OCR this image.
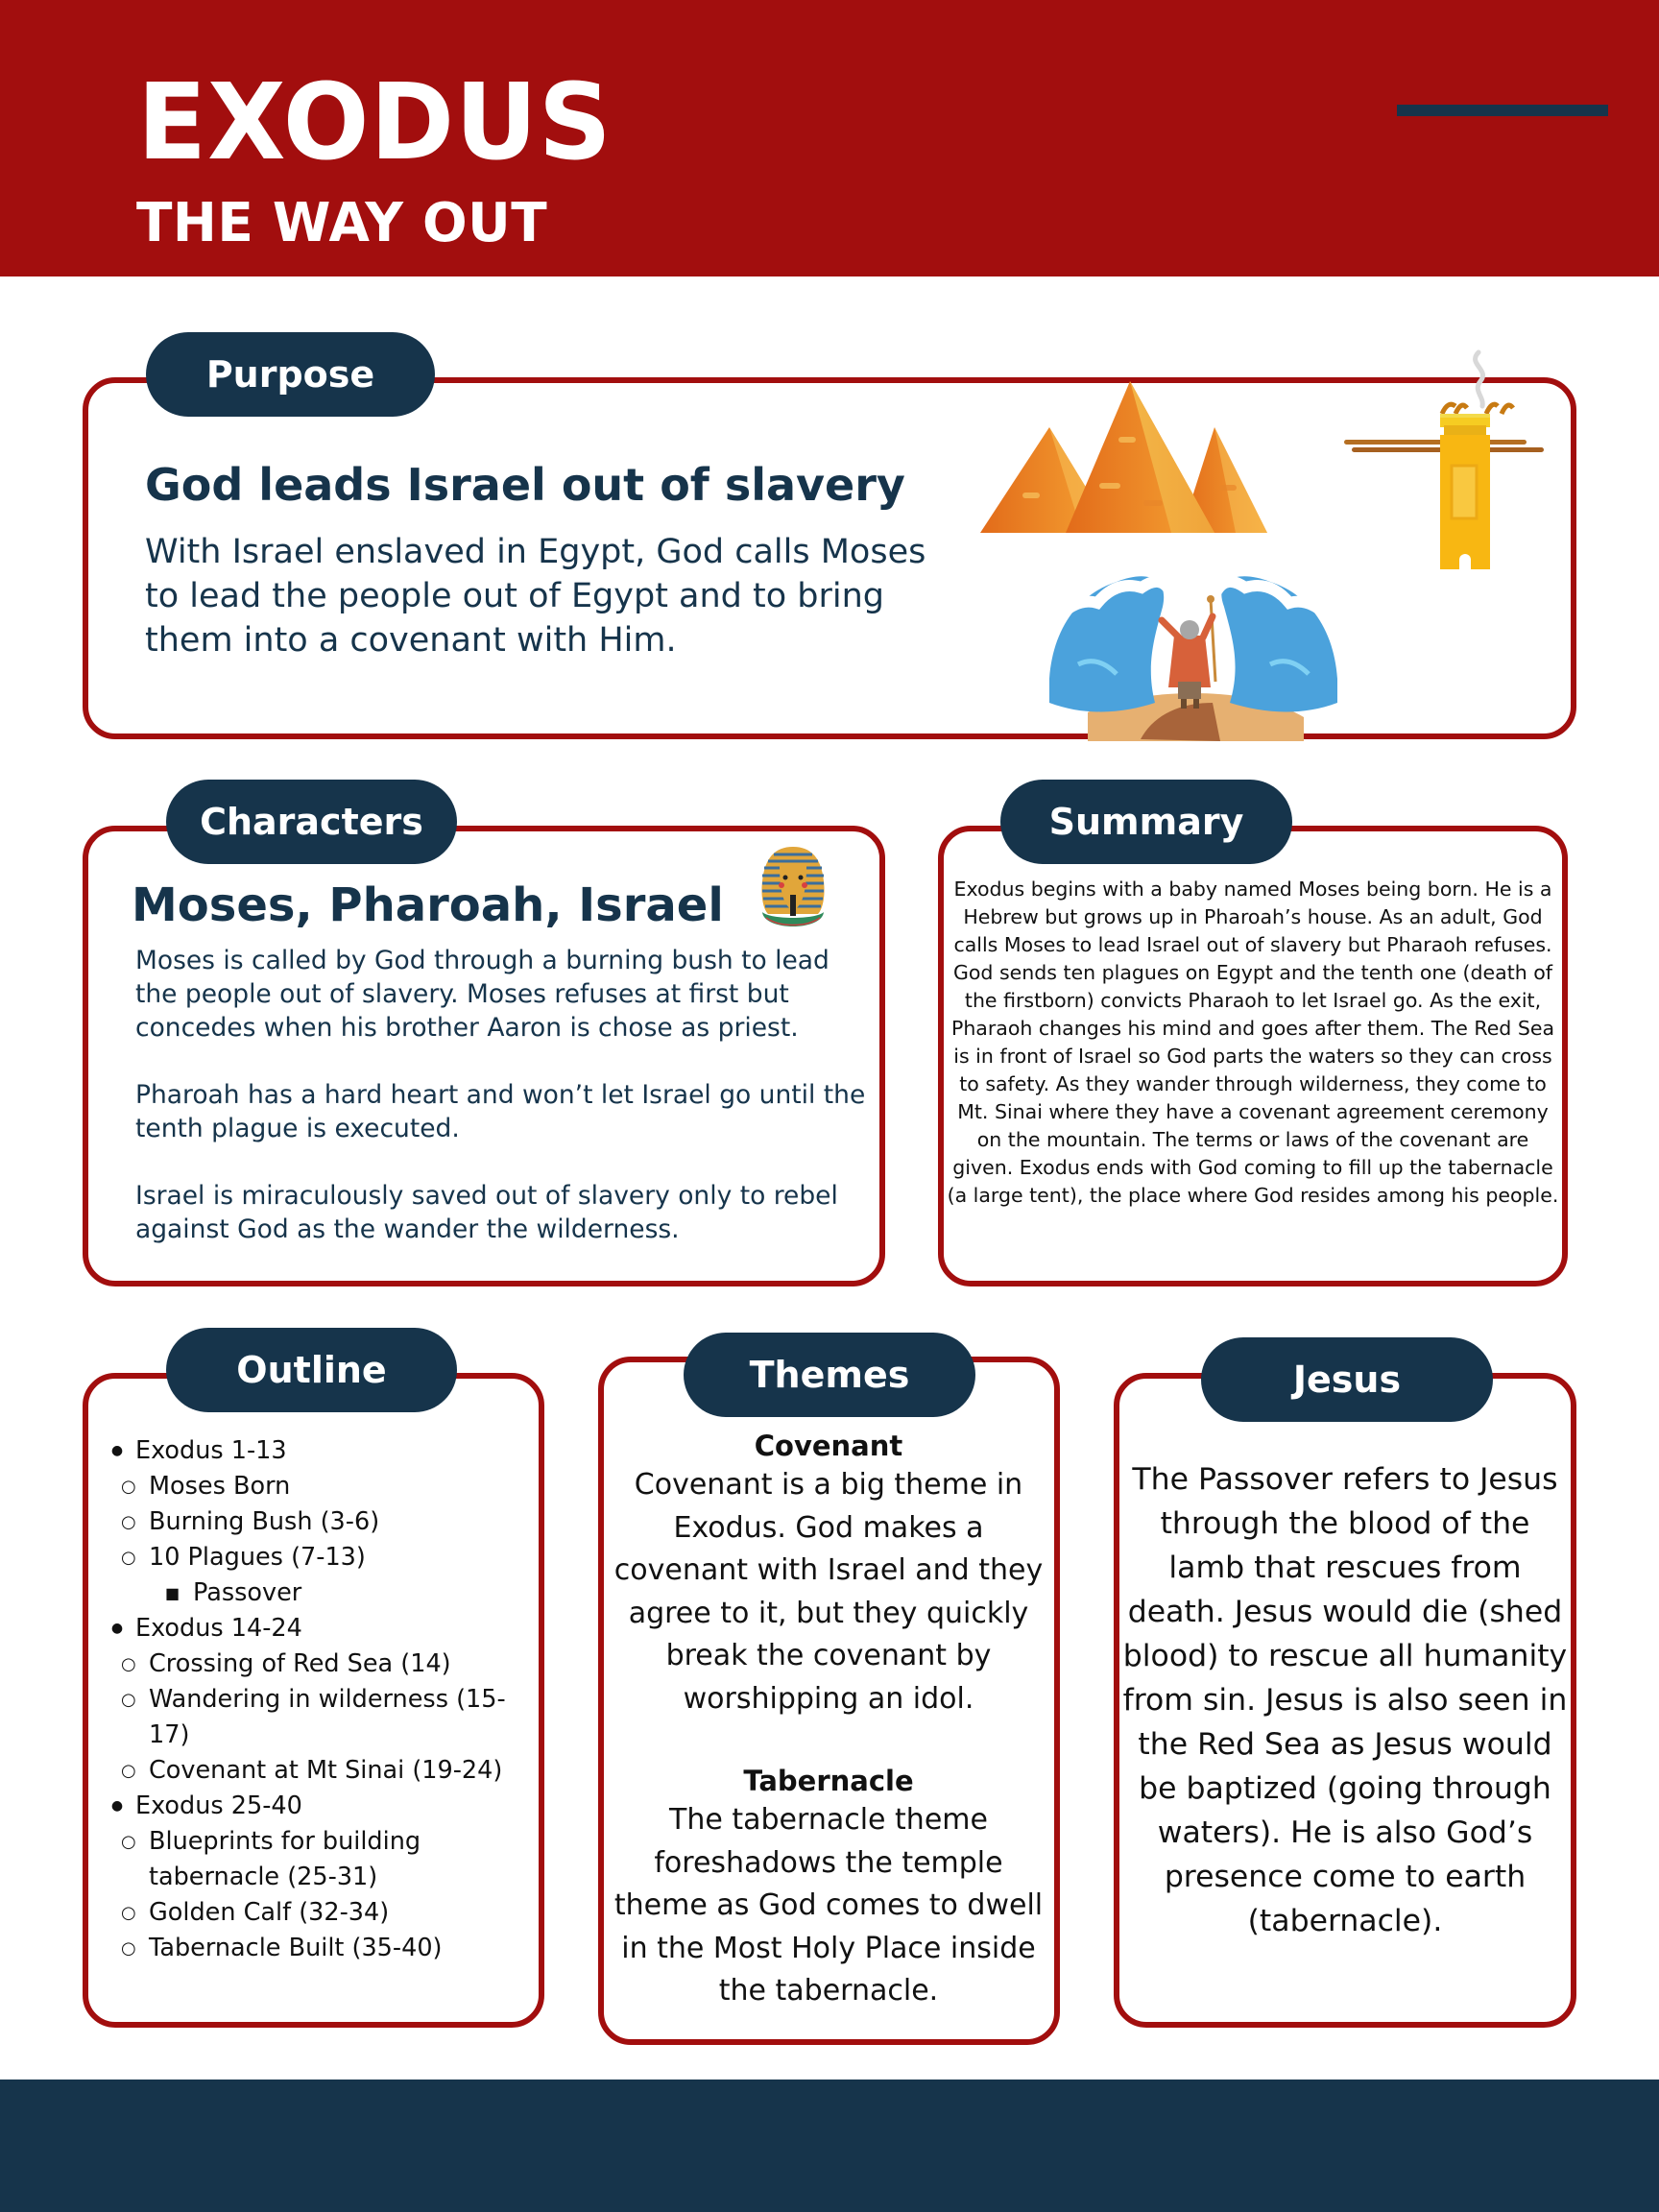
EXODUS
THE WAY OUT
Purpose
God leads Israel out of slavery
With Israel enslaved in Egypt, God calls Moses to lead the people out of Egypt and to bring them into a covenant with Him.
Characters
Moses, Pharoah, Israel

Moses is called by God through a burning bush to lead the people out of slavery. Moses refuses at first but concedes when his brother Aaron is chose as priest.

Pharoah has a hard heart and won’t let Israel go until the tenth plague is executed.

Israel is miraculously saved out of slavery only to rebel against God as the wander the wilderness.

Summary
Exodus begins with a baby named Moses being born. He is a Hebrew but grows up in Pharoah’s house. As an adult, God calls Moses to lead Israel out of slavery but Pharaoh refuses. God sends ten plagues on Egypt and the tenth one (death of the firstborn) convicts Pharaoh to let Israel go. As the exit, Pharaoh changes his mind and goes after them. The Red Sea is in front of Israel so God parts the waters so they can cross to safety. As they wander through wilderness, they come to Mt. Sinai where they have a covenant agreement ceremony on the mountain. The terms or laws of the covenant are given. Exodus ends with God coming to fill up the tabernacle (a large tent), the place where God resides among his people.
Outline
● Exodus 1-13
○ Moses Born
○ Burning Bush (3-6)
○ 10 Plagues (7-13)
■ Passover
● Exodus 14-24
○ Crossing of Red Sea (14)
○ Wandering in wilderness (15-17)
○ Covenant at Mt Sinai (19-24)
● Exodus 25-40
○ Blueprints for building tabernacle (25-31)
○ Golden Calf (32-34)
○ Tabernacle Built (35-40)
Themes
Covenant
Covenant is a big theme in Exodus. God makes a covenant with Israel and they agree to it, but they quickly break the covenant by worshipping an idol.
Tabernacle
The tabernacle theme foreshadows the temple theme as God comes to dwell in the Most Holy Place inside the tabernacle.
Jesus
The Passover refers to Jesus through the blood of the lamb that rescues from death. Jesus would die (shed blood) to rescue all humanity from sin. Jesus is also seen in the Red Sea as Jesus would be baptized (going through waters). He is also God’s presence come to earth (tabernacle).
